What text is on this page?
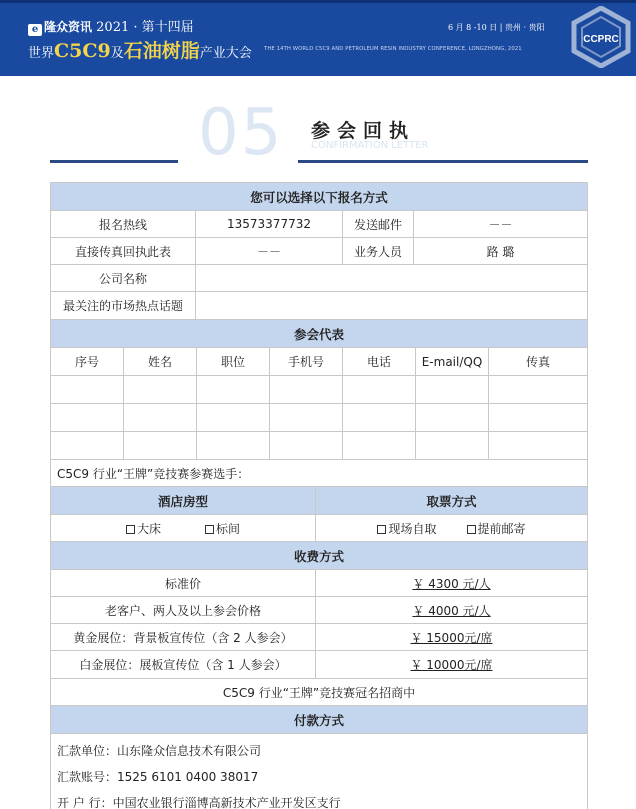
e 隆众资讯 2021 · 第十四届
世界C5C9及石油树脂产业大会
6 月 8 -10 日 | 贵州 · 贵阳
THE 14TH WORLD C5C9 AND PETROLEUM RESIN INDUSTRY CONFERENCE, LONGZHONG, 2021
CCPRC
05 参会回执
CONFIRMATION LETTER
您可以选择以下报名方式
报名热线	13573377732	发送邮件	－－
直接传真回执此表	－－	业务人员	路 璐
公司名称
最关注的市场热点话题
参会代表
序号	姓名	职位	手机号	电话	E-mail/QQ	传真
C5C9 行业“王牌”竞技赛参赛选手：
酒店房型	取票方式
大床	标间	现场自取	提前邮寄
收费方式
标准价	￥ 4300 元/人
老客户、两人及以上参会价格	￥ 4000 元/人
黄金展位：背景板宣传位（含 2 人参会）	￥ 15000元/席
白金展位：展板宣传位（含 1 人参会）	￥ 10000元/席
C5C9 行业“王牌”竞技赛冠名招商中
付款方式
汇款单位：山东隆众信息技术有限公司
汇款账号：1525 6101 0400 38017
开 户 行：中国农业银行淄博高新技术产业开发区支行
